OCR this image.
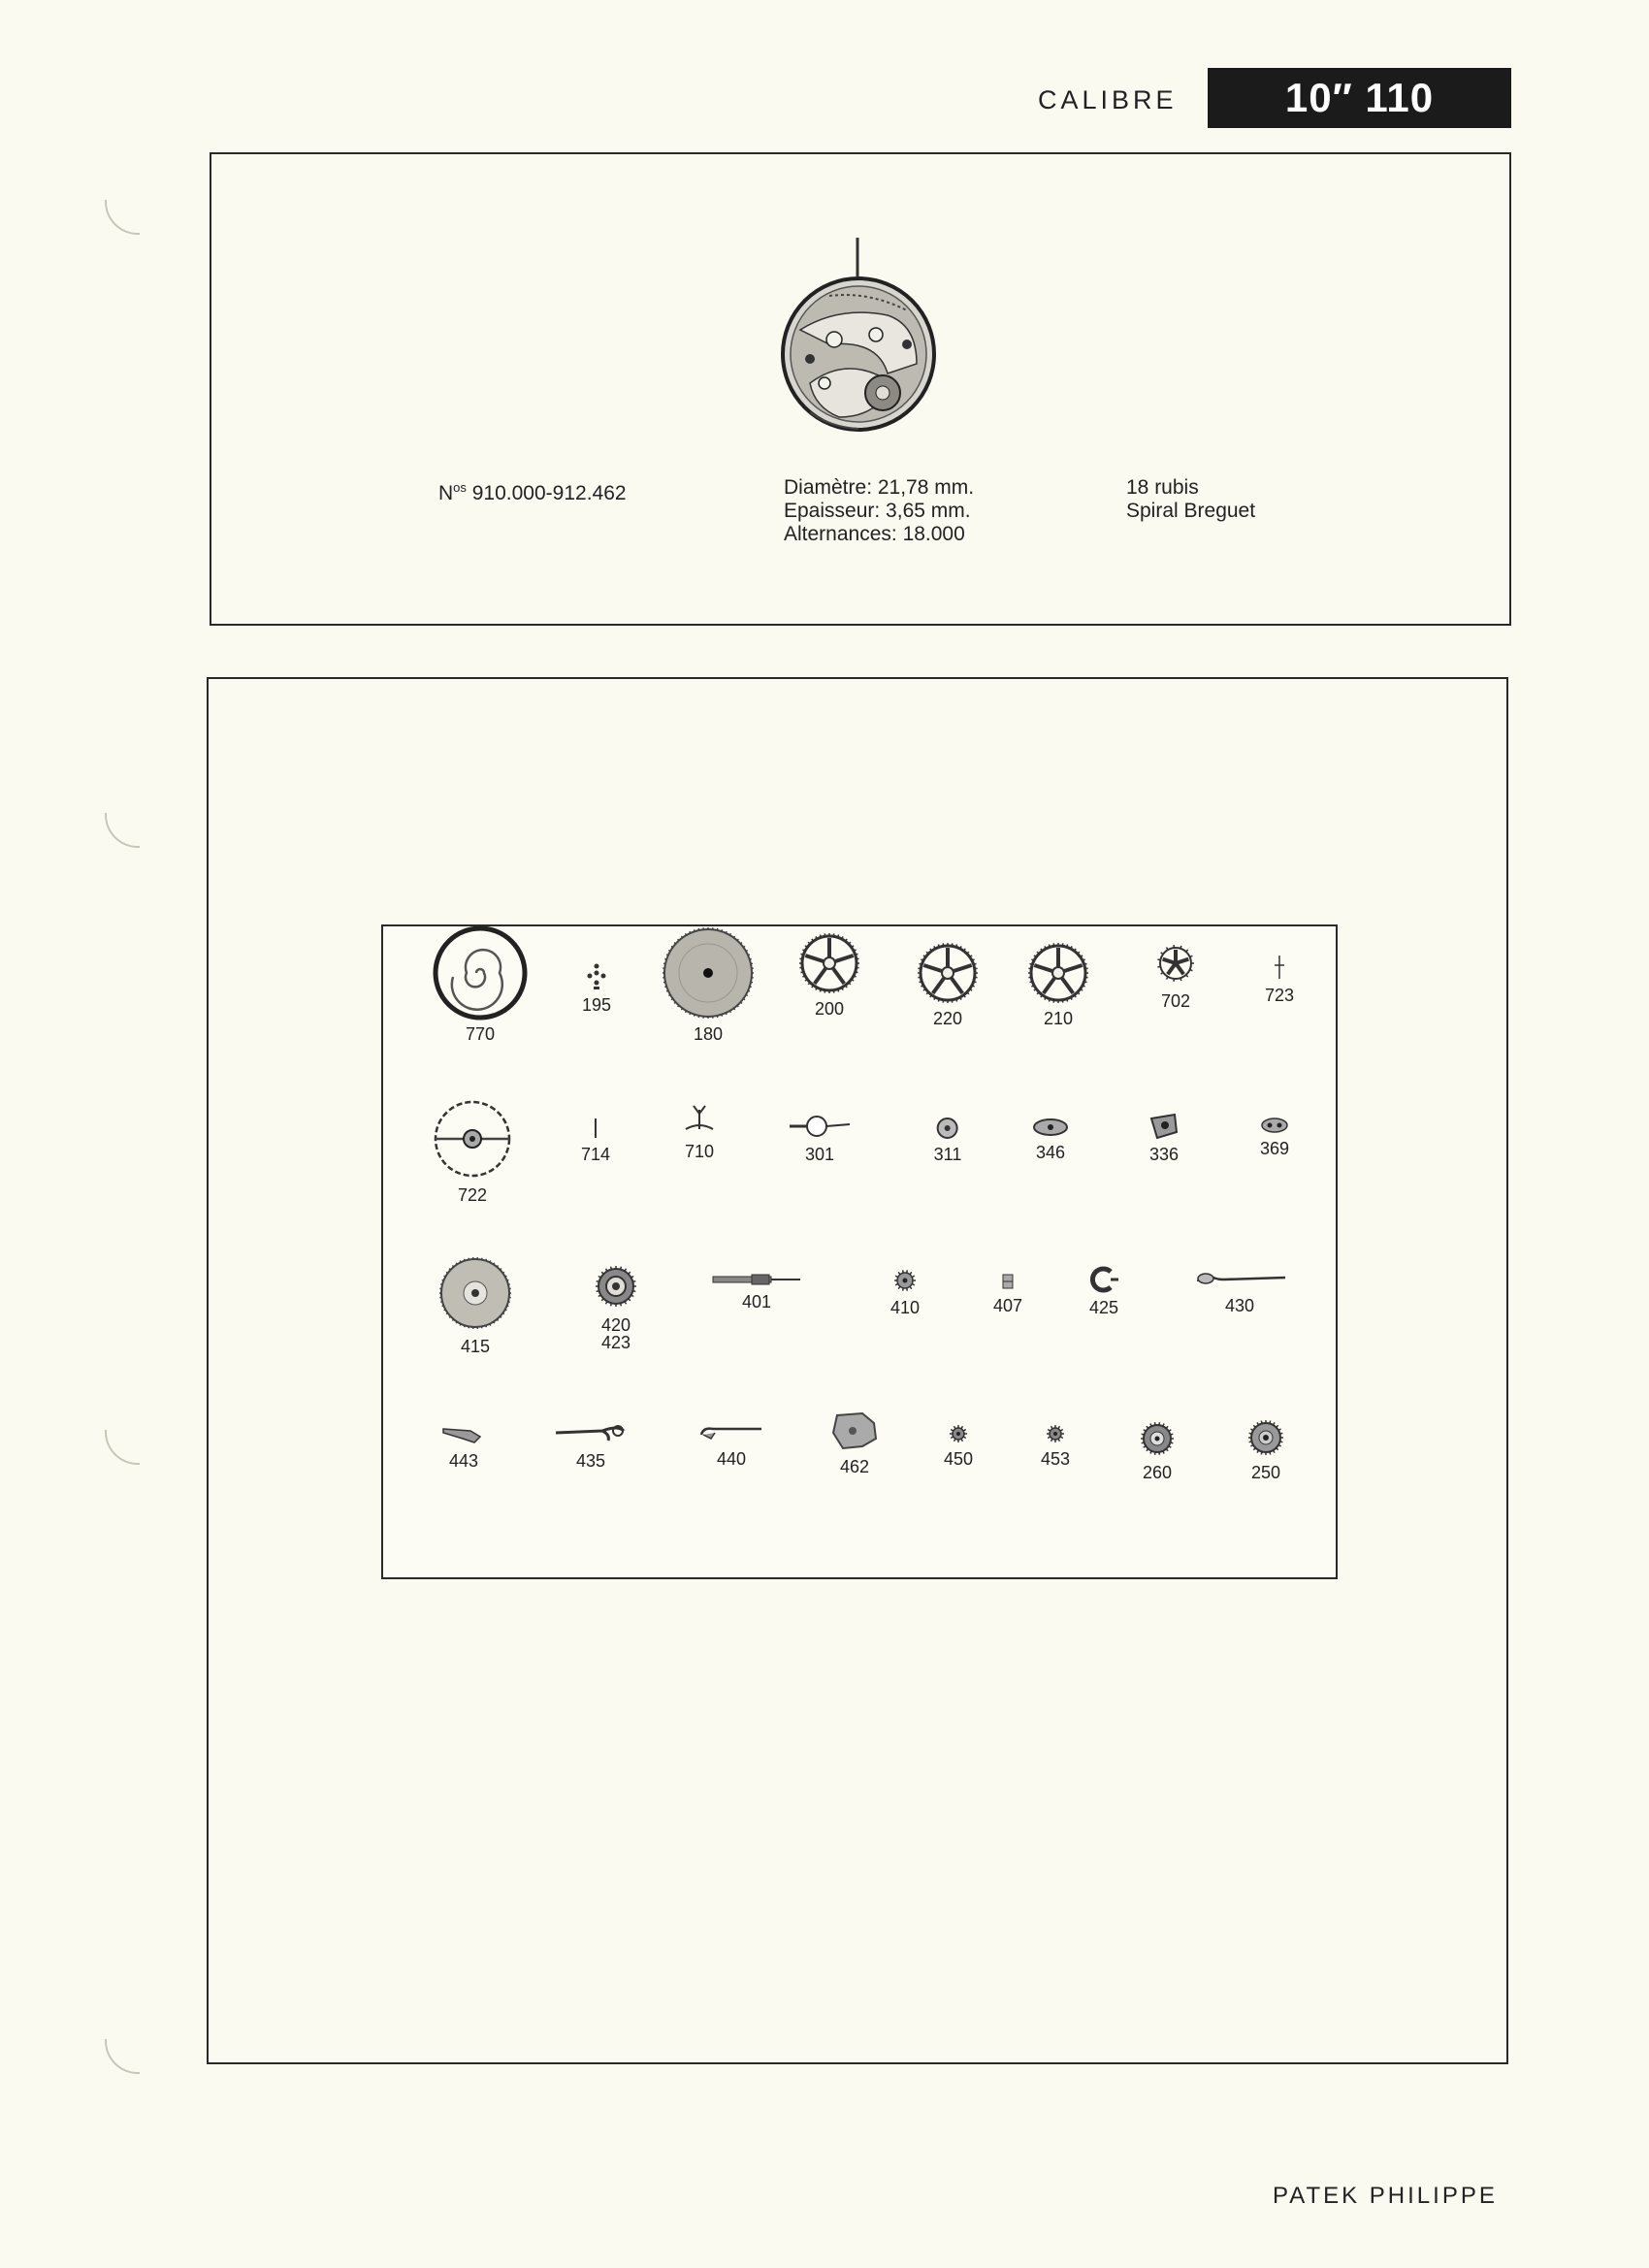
CALIBRE	10″ 110
$N^{os}$ 910.000-912.462	Diamètre: 21,78 mm.
Epaisseur: 3,65 mm.
Alternances: 18.000
18 rubis
Spiral Breguet
770
195
180
200	220	210
702	723
722
714	710	301	311	346	336	369
415
420
423
401	410	407	425	430
443	435	440	462	450	453
260	250
PATEK PHILIPPE
